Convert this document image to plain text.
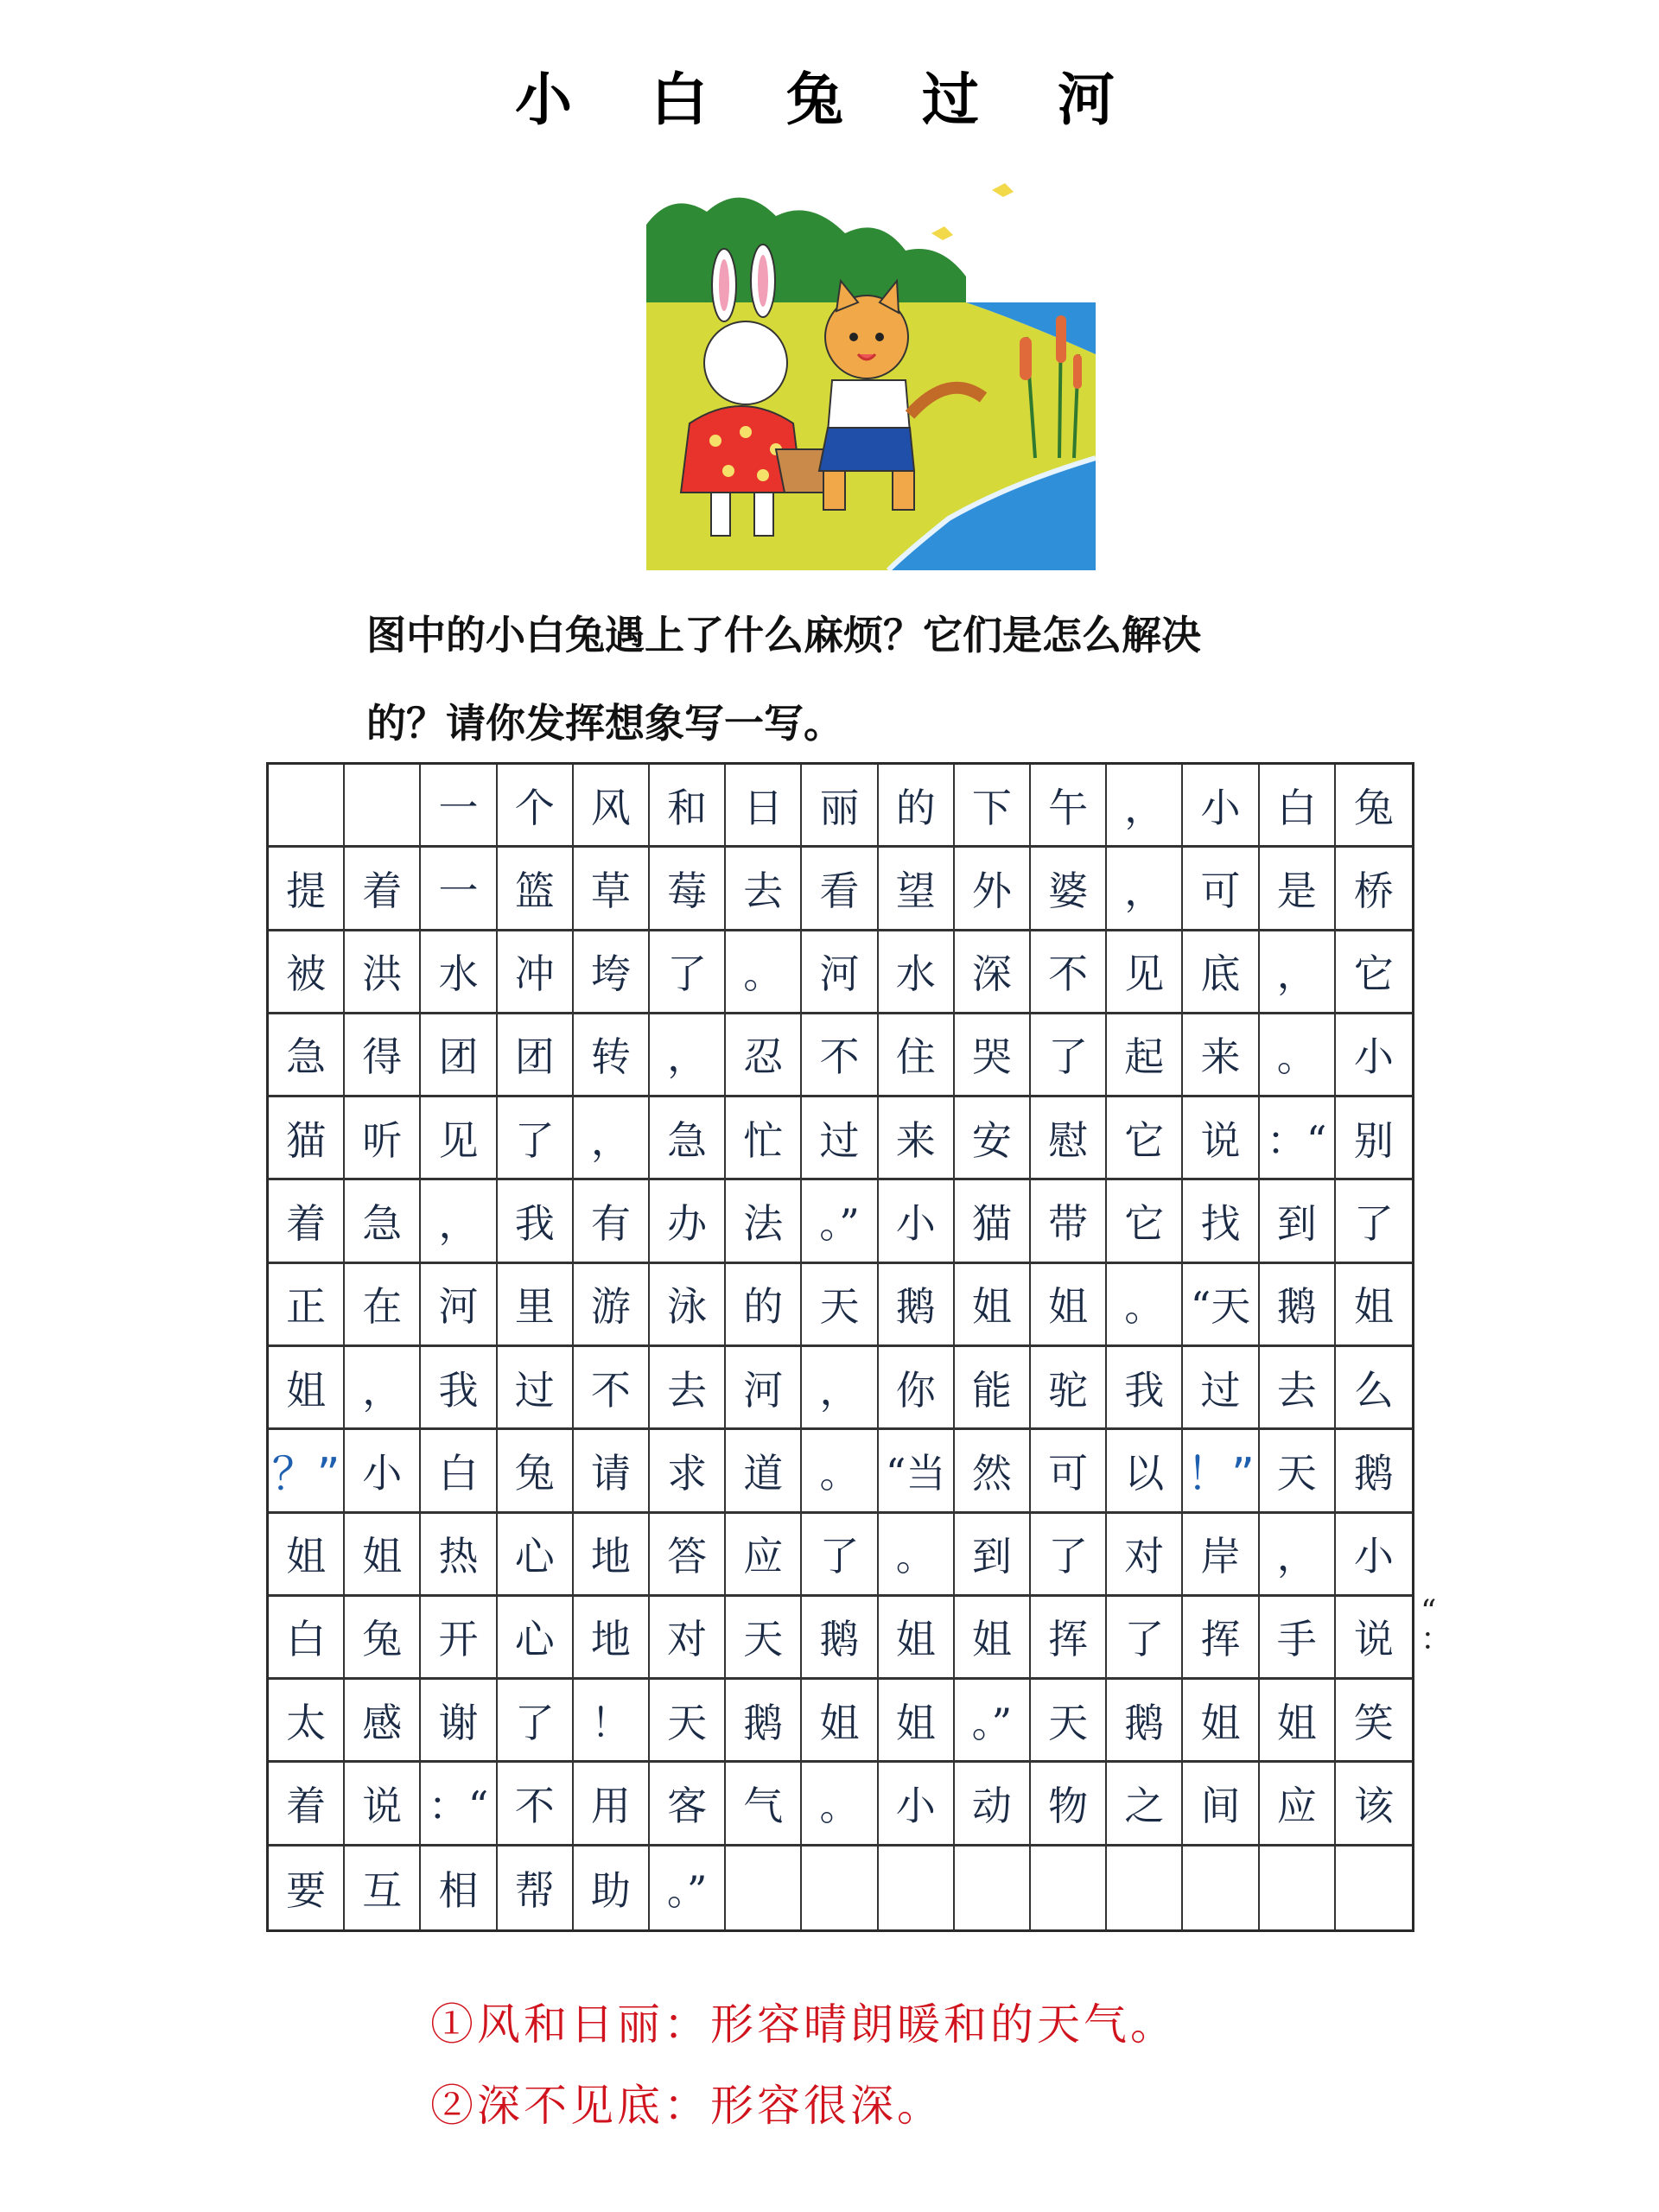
小 白 兔 过 河
图中的小白兔遇上了什么麻烦？它们是怎么解决
的？请你发挥想象写一写。
一 个 风 和 日 丽 的 下 午 ， 小 白 兔
提 着 一 篮 草 莓 去 看 望 外 婆 ， 可 是 桥
被 洪 水 冲 垮 了 。 河 水 深 不 见 底 ， 它
急 得 团 团 转 ， 忍 不 住 哭 了 起 来 。 小
猫 听 见 了 ， 急 忙 过 来 安 慰 它 说 ：“ 别
着 急 ， 我 有 办 法 。” 小 猫 带 它 找 到 了
正 在 河 里 游 泳 的 天 鹅 姐 姐 。 “天 鹅 姐
姐 ， 我 过 不 去 河 ， 你 能 驼 我 过 去 么
？” 小 白 兔 请 求 道 。 “当 然 可 以 ！” 天 鹅
姐 姐 热 心 地 答 应 了 。 到 了 对 岸 ， 小
白 兔 开 心 地 对 天 鹅 姐 姐 挥 了 挥 手 说
太 感 谢 了 ！ 天 鹅 姐 姐 。” 天 鹅 姐 姐 笑
着 说 ：“ 不 用 客 气 。 小 动 物 之 间 应 该
要 互 相 帮 助 。”
“
：
①风和日丽：形容晴朗暖和的天气。
②深不见底：形容很深。
